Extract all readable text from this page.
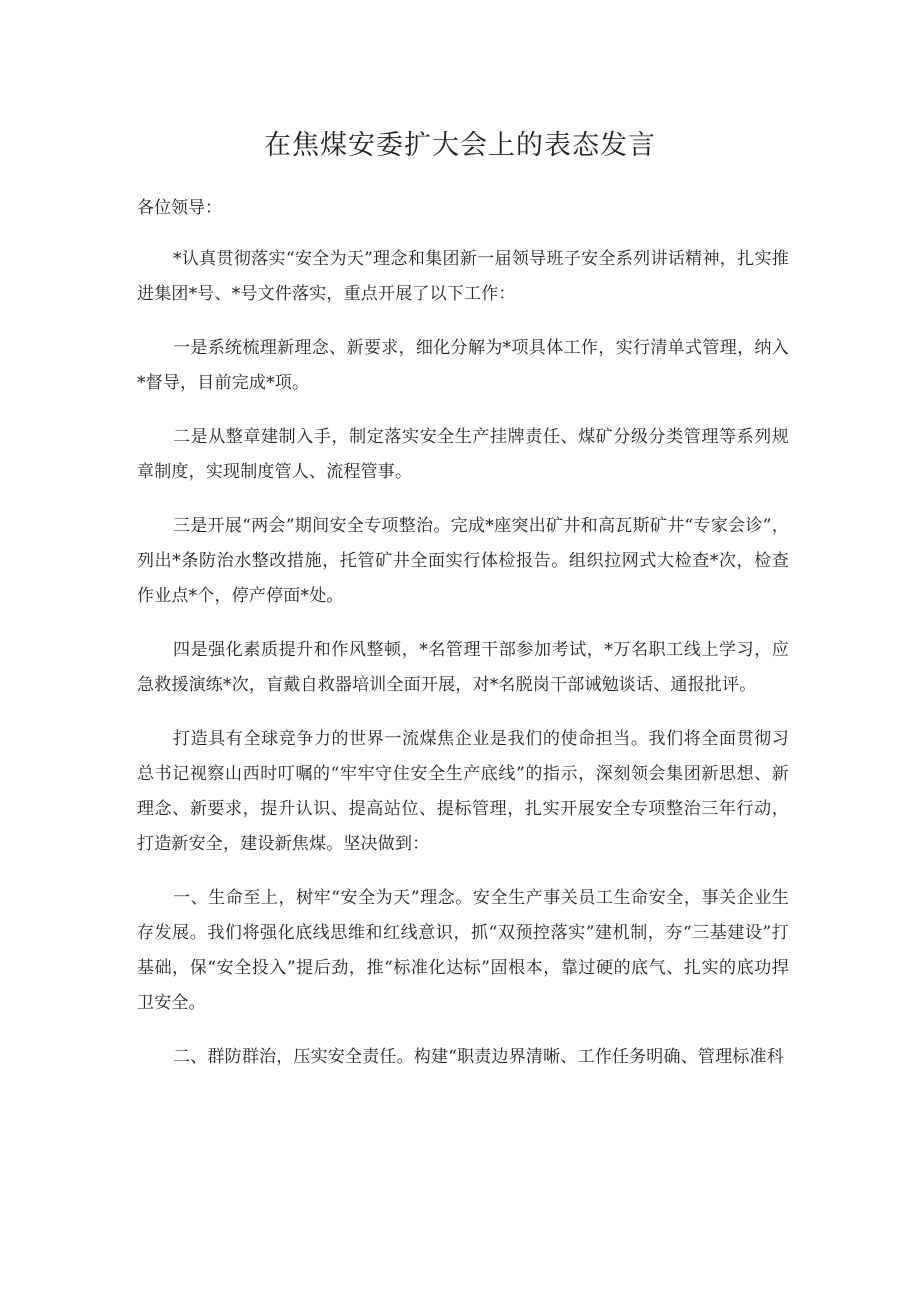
在焦煤安委扩大会上的表态发言
各位领导：

*认真贯彻落实“安全为天”理念和集团新一届领导班子安全系列讲话精神，扎实推进集团*号、*号文件落实，重点开展了以下工作：

一是系统梳理新理念、新要求，细化分解为*项具体工作，实行清单式管理，纳入*督导，目前完成*项。

二是从整章建制入手，制定落实安全生产挂牌责任、煤矿分级分类管理等系列规章制度，实现制度管人、流程管事。

三是开展“两会”期间安全专项整治。完成*座突出矿井和高瓦斯矿井“专家会诊”，列出*条防治水整改措施，托管矿井全面实行体检报告。组织拉网式大检查*次，检查作业点*个，停产停面*处。

四是强化素质提升和作风整顿，*名管理干部参加考试，*万名职工线上学习，应急救援演练*次，盲戴自救器培训全面开展，对*名脱岗干部诫勉谈话、通报批评。

打造具有全球竞争力的世界一流煤焦企业是我们的使命担当。我们将全面贯彻习总书记视察山西时叮嘱的“牢牢守住安全生产底线”的指示，深刻领会集团新思想、新理念、新要求，提升认识、提高站位、提标管理，扎实开展安全专项整治三年行动，打造新安全，建设新焦煤。坚决做到：

一、生命至上，树牢“安全为天”理念。安全生产事关员工生命安全，事关企业生存发展。我们将强化底线思维和红线意识，抓“双预控落实”建机制，夯“三基建设”打基础，保“安全投入”提后劲，推“标准化达标”固根本，靠过硬的底气、扎实的底功捍卫安全。

二、群防群治，压实安全责任。构建“职责边界清晰、工作任务明确、管理标准科
